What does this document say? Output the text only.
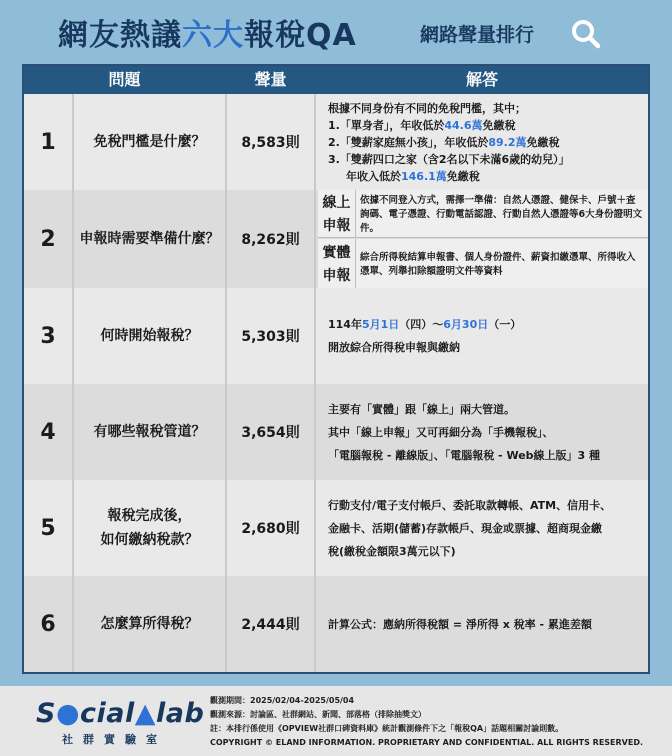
網友熱議六大報稅QA	網路聲量排行
問題	聲量	解答
1	免稅門檻是什麼？	8,583則
根據不同身份有不同的免稅門檻，其中；
1.「單身者」，年收低於44.6萬免繳稅
2.「雙薪家庭無小孩」，年收低於89.2萬免繳稅
3.「雙薪四口之家（含2名以下未滿6歲的幼兒）」
年收入低於146.1萬免繳稅
2	申報時需要準備什麼？	8,262則
線上
申報
依據不同登入方式，需擇一準備：自然人憑證、健保卡、戶號＋查詢碼、電子憑證、行動電話認證、行動自然人憑證等6大身份證明文件。
實體
申報
綜合所得稅結算申報書、個人身份證件、薪資扣繳憑單、所得收入憑單、列舉扣除額證明文件等資料
3	何時開始報稅？	5,303則
114年5月1日（四）～6月30日（一）
開放綜合所得稅申報與繳納
4	有哪些報稅管道？	3,654則
主要有「實體」跟「線上」兩大管道。
其中「線上申報」又可再細分為「手機報稅」、
「電腦報稅 - 離線版」、「電腦報稅 - Web線上版」3 種
5	報稅完成後，
如何繳納稅款？
2,680則
行動支付/電子支付帳戶、委託取款轉帳、ATM、信用卡、
金融卡、活期(儲蓄)存款帳戶、現金或票據、超商現金繳
稅(繳稅金額限3萬元以下)
6	怎麼算所得稅？	2,444則	計算公式：應納所得稅額 = 淨所得 x 稅率 - 累進差額
S●cial▲lab
社群實驗室
觀測期間：2025/02/04-2025/05/04
觀測來源：討論區、社群網站、新聞、部落格（排除抽獎文）
註：本排行係使用《OPVIEW社群口碑資料庫》統計觀測條件下之「報稅QA」話題相關討論則數。
COPYRIGHT © ELAND INFORMATION. PROPRIETARY AND CONFIDENTIAL. ALL RIGHTS RESERVED.
